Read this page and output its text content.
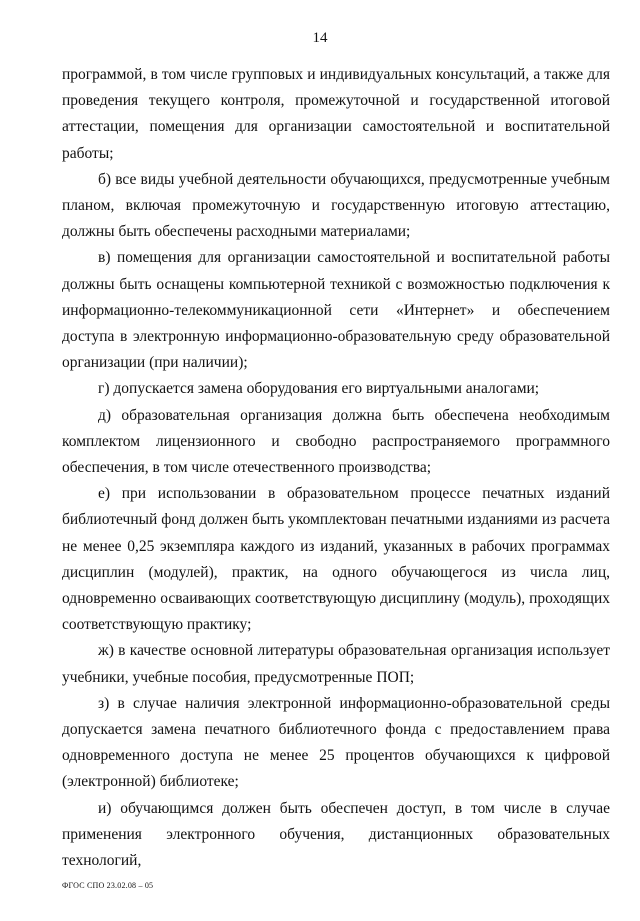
14

программой, в том числе групповых и индивидуальных консультаций, а также для проведения текущего контроля, промежуточной и государственной итоговой аттестации, помещения для организации самостоятельной и воспитательной работы;

б) все виды учебной деятельности обучающихся, предусмотренные учебным планом, включая промежуточную и государственную итоговую аттестацию, должны быть обеспечены расходными материалами;

в) помещения для организации самостоятельной и воспитательной работы должны быть оснащены компьютерной техникой с возможностью подключения к информационно-телекоммуникационной сети «Интернет» и обеспечением доступа в электронную информационно-образовательную среду образовательной организации (при наличии);

г) допускается замена оборудования его виртуальными аналогами;

д) образовательная организация должна быть обеспечена необходимым комплектом лицензионного и свободно распространяемого программного обеспечения, в том числе отечественного производства;

е) при использовании в образовательном процессе печатных изданий библиотечный фонд должен быть укомплектован печатными изданиями из расчета не менее 0,25 экземпляра каждого из изданий, указанных в рабочих программах дисциплин (модулей), практик, на одного обучающегося из числа лиц, одновременно осваивающих соответствующую дисциплину (модуль), проходящих соответствующую практику;

ж) в качестве основной литературы образовательная организация использует учебники, учебные пособия, предусмотренные ПОП;

з) в случае наличия электронной информационно-образовательной среды допускается замена печатного библиотечного фонда с предоставлением права одновременного доступа не менее 25 процентов обучающихся к цифровой (электронной) библиотеке;

и) обучающимся должен быть обеспечен доступ, в том числе в случае применения электронного обучения, дистанционных образовательных технологий,

ФГОС СПО 23.02.08 – 05
